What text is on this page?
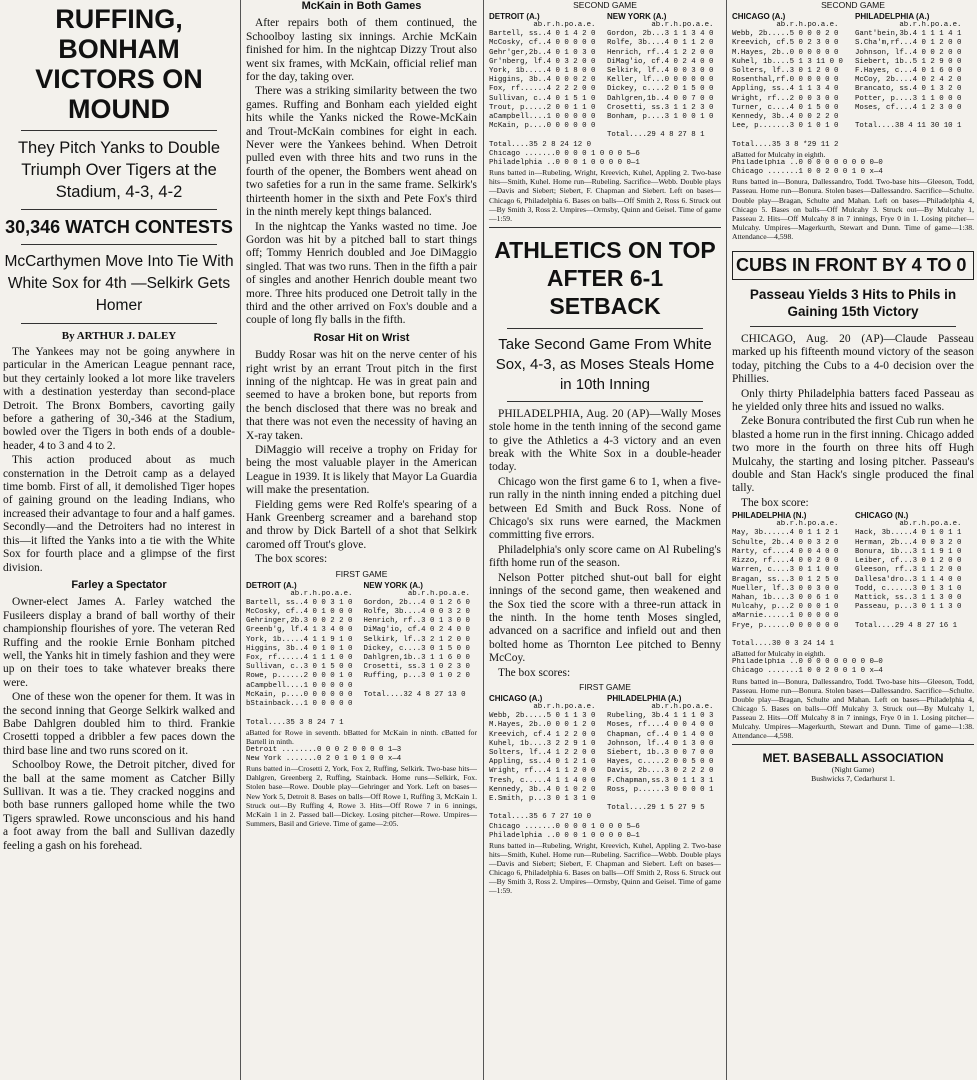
RUFFING, BONHAM VICTORS ON MOUND
They Pitch Yanks to Double Triumph Over Tigers at the Stadium, 4-3, 4-2
30,346 WATCH CONTESTS
McCarthymen Move Into Tie With White Sox for 4th —Selkirk Gets Homer
By ARTHUR J. DALEY

The Yankees may not be going anywhere in particular in the American League pennant race, but they certainly looked a lot more like travelers with a destination yesterday than second-place Detroit. The Bronx Bombers, cavorting gaily before a gathering of 30,-346 at the Stadium, bowled over the Tigers in both ends of a double-header, 4 to 3 and 4 to 2.

This action produced about as much consternation in the Detroit camp as a delayed time bomb. First of all, it demolished Tiger hopes of gaining ground on the leading Indians, who increased their advantage to four and a half games. Secondly—and the Detroiters had no interest in this—it lifted the Yanks into a tie with the White Sox for fourth place and a glimpse of the first division.

Farley a Spectator

Owner-elect James A. Farley watched the Fusileers display a brand of ball worthy of their championship flourishes of yore. The veteran Red Ruffing and the rookie Ernie Bonham pitched well, the Yanks hit in timely fashion and they were up on their toes to take whatever breaks there were.

One of these won the opener for them. It was in the second inning that George Selkirk walked and Babe Dahlgren doubled him to third. Frankie Crosetti topped a dribbler a few paces down the third base line and two runs scored on it.

Schoolboy Rowe, the Detroit pitcher, dived for the ball at the same moment as Catcher Billy Sullivan. It was a tie. They cracked noggins and both base runners galloped home while the two Tigers sprawled. Rowe unconscious and his hand a foot away from the ball and Sullivan dazedly feeling a gash on his forehead.

McKain in Both Games

After repairs both of them continued, the Schoolboy lasting six innings. Archie McKain finished for him. In the nightcap Dizzy Trout also went six frames, with McKain, official relief man for the day, taking over.

There was a striking similarity between the two games. Ruffing and Bonham each yielded eight hits while the Yanks nicked the Rowe-McKain and Trout-McKain combines for eight in each. Never were the Yankees behind. When Detroit pulled even with three hits and two runs in the fourth of the opener, the Bombers went ahead on two safeties for a run in the same frame. Selkirk's thirteenth homer in the sixth and Pete Fox's third in the ninth merely kept things balanced.

In the nightcap the Yanks wasted no time. Joe Gordon was hit by a pitched ball to start things off; Tommy Henrich doubled and Joe DiMaggio singled. That was two runs. Then in the fifth a pair of singles and another Henrich double meant two more. Three hits produced one Detroit tally in the third and the other arrived on Fox's double and a couple of long fly balls in the fifth.

Rosar Hit on Wrist

Buddy Rosar was hit on the nerve center of his right wrist by an errant Trout pitch in the first inning of the nightcap. He was in great pain and seemed to have a broken bone, but reports from the bench disclosed that there was no break and that there was not even the necessity of having an X-ray taken.

DiMaggio will receive a trophy on Friday for being the most valuable player in the American League in 1939. It is likely that Mayor La Guardia will make the presentation.

Fielding gems were Red Rolfe's spearing of a Hank Greenberg screamer and a barehand stop and throw by Dick Bartell of a shot that Selkirk caromed off Trout's glove.

The box scores:

FIRST GAME
DETROIT (A.)
ab.r.h.po.a.e.
Bartell, ss..4 0 0 3 1 0
McCosky, cf..4 0 1 0 0 0
Gehringer,2b.3 0 0 2 2 0
Greenb'g, lf.4 1 3 4 0 0
York, 1b.....4 1 1 9 1 0
Higgins, 3b..4 0 1 0 1 0
Fox, rf......4 1 1 1 0 0
Sullivan, c..3 0 1 5 0 0
Rowe, p......2 0 0 0 1 0
aCampbell....1 0 0 0 0 0
McKain, p....0 0 0 0 0 0
bStainback...1 0 0 0 0 0

Total....35 3 8 24 7 1
NEW YORK (A.)
ab.r.h.po.a.e.
Gordon, 2b...4 0 1 2 6 0
Rolfe, 3b....4 0 0 3 2 0
Henrich, rf..3 0 1 3 0 0
DiMag'io, cf.4 0 2 4 0 0
Selkirk, lf..3 2 1 2 0 0
Dickey, c....3 0 1 5 0 0
Dahlgren,1b..3 1 1 6 0 0
Crosetti, ss.3 1 0 2 3 0
Ruffing, p...3 0 1 0 2 0

Total....32 4 8 27 13 0
aBatted for Rowe in seventh. bBatted for McKain in ninth. cBatted for Bartell in ninth.
Detroit ........0 0 0 2 0 0 0 0 1—3
New York .......0 2 0 1 0 1 0 0 x—4
Runs batted in—Crosetti 2, York, Fox 2, Ruffing, Selkirk. Two-base hits—Dahlgren, Greenberg 2, Ruffing, Stainback. Home runs—Selkirk, Fox. Stolen base—Rowe. Double play—Gehringer and York. Left on bases—New York 5, Detroit 8. Bases on balls—Off Rowe 1, Ruffing 3, McKain 1. Struck out—By Ruffing 4, Rowe 3. Hits—Off Rowe 7 in 6 innings, McKain 1 in 2. Passed ball—Dickey. Losing pitcher—Rowe. Umpires—Summers, Basil and Grieve. Time of game—2:05.
SECOND GAME
DETROIT (A.)
ab.r.h.po.a.e.
Bartell, ss..4 0 1 4 2 0
McCosky, cf..4 0 0 0 0 0
Gehr'ger,2b..4 0 1 0 3 0
Gr'nberg, lf.4 0 3 2 0 0
York, 1b.....4 0 1 8 0 0
Higgins, 3b..4 0 0 0 2 0
Fox, rf......4 2 2 2 0 0
Sullivan, c..4 0 1 5 1 0
Trout, p.....2 0 0 1 1 0
aCampbell....1 0 0 0 0 0
McKain, p....0 0 0 0 0 0

Total....35 2 8 24 12 0
NEW YORK (A.)
ab.r.h.po.a.e.
Gordon, 2b...3 1 1 3 4 0
Rolfe, 3b....4 0 1 1 2 0
Henrich, rf..4 1 2 2 0 0
DiMag'io, cf.4 0 2 4 0 0
Selkirk, lf..4 0 0 3 0 0
Keller, lf...0 0 0 0 0 0
Dickey, c....2 0 1 5 0 0
Dahlgren,1b..4 0 0 7 0 0
Crosetti, ss.3 1 1 2 3 0
Bonham, p....3 1 0 0 1 0

Total....29 4 8 27 8 1
Chicago .......0 0 0 0 1 0 0 0 5—6
Philadelphia ..0 0 0 1 0 0 0 0 0—1
Runs batted in—Rubeling, Wright, Kreevich, Kuhel, Appling 2. Two-base hits—Smith, Kuhel. Home run—Rubeling. Sacrifice—Webb. Double plays—Davis and Siebert; Siebert, F. Chapman and Siebert. Left on bases—Chicago 6, Philadelphia 6. Bases on balls—Off Smith 2, Ross 6. Struck out—By Smith 3, Ross 2. Umpires—Ormsby, Quinn and Geisel. Time of game—1:59.
ATHLETICS ON TOP AFTER 6-1 SETBACK
Take Second Game From White Sox, 4-3, as Moses Steals Home in 10th Inning

PHILADELPHIA, Aug. 20 (AP)—Wally Moses stole home in the tenth inning of the second game to give the Athletics a 4-3 victory and an even break with the White Sox in a double-header today.

Chicago won the first game 6 to 1, when a five-run rally in the ninth inning ended a pitching duel between Ed Smith and Buck Ross. None of Chicago's six runs were earned, the Mackmen committing five errors.

Philadelphia's only score came on Al Rubeling's fifth home run of the season.

Nelson Potter pitched shut-out ball for eight innings of the second game, then weakened and the Sox tied the score with a three-run attack in the ninth. In the home tenth Moses singled, advanced on a sacrifice and infield out and then bolted home as Thornton Lee pitched to Benny McCoy.

The box scores:

FIRST GAME
CHICAGO (A.)
ab.r.h.po.a.e.
Webb, 2b.....5 0 1 1 3 0
M.Hayes, 2b..0 0 0 1 2 0
Kreevich, cf.4 1 2 2 0 0
Kuhel, 1b....3 2 2 9 1 0
Solters, lf..4 1 2 2 0 0
Appling, ss..4 0 1 2 1 0
Wright, rf...4 1 1 2 0 0
Tresh, c.....4 1 1 4 0 0
Kennedy, 3b..4 0 1 0 2 0
E.Smith, p...3 0 1 3 1 0

Total....35 6 7 27 10 0
PHILADELPHIA (A.)
ab.r.h.po.a.e.
Rubeling, 3b.4 1 1 1 0 3
Moses, rf....4 0 0 4 0 0
Chapman, cf..4 0 1 4 0 0
Johnson, lf..4 0 1 3 0 0
Siebert, 1b..3 0 0 7 0 0
Hayes, c.....2 0 0 5 0 0
Davis, 2b....3 0 2 2 2 0
F.Chapman,ss.3 0 1 1 3 1
Ross, p......3 0 0 0 0 1

Total....29 1 5 27 9 5
Chicago .......0 0 0 0 1 0 0 0 5—6
Philadelphia ..0 0 0 1 0 0 0 0 0—1
Runs batted in—Rubeling, Wright, Kreevich, Kuhel, Appling 2. Two-base hits—Smith, Kuhel. Home run—Rubeling. Sacrifice—Webb. Double plays—Davis and Siebert; Siebert, F. Chapman and Siebert. Left on bases—Chicago 6, Philadelphia 6. Bases on balls—Off Smith 2, Ross 6. Struck out—By Smith 3, Ross 2. Umpires—Ormsby, Quinn and Geisel. Time of game—1:59.
SECOND GAME
CHICAGO (A.)
ab.r.h.po.a.e.
Webb, 2b.....5 0 0 0 2 0
Kreevich, cf.5 0 2 3 0 0
M.Hayes, 2b..0 0 0 0 0 0
Kuhel, 1b....5 1 3 11 0 0
Solters, lf..3 0 1 2 0 0
Rosenthal,rf.0 0 0 0 0 0
Appling, ss..4 1 1 3 4 0
Wright, rf...2 0 0 3 0 0
Turner, c....4 0 1 5 0 0
Kennedy, 3b..4 0 0 2 2 0
Lee, p.......3 0 1 0 1 0

Total....35 3 8 *29 11 2
PHILADELPHIA (A.)
ab.r.h.po.a.e.
Gant'bein,3b.4 1 1 1 4 1
S.Cha'm,rf...4 0 1 2 0 0
Johnson, lf..4 0 0 2 0 0
Siebert, 1b..5 1 2 9 0 0
F.Hayes, c...4 0 1 6 0 0
McCoy, 2b....4 0 2 4 2 0
Brancato, ss.4 0 1 3 2 0
Potter, p....3 1 1 0 0 0
Moses, cf....4 1 2 3 0 0

Total....38 4 11 30 10 1
aBatted for Mulcahy in eighth.
Philadelphia ..0 0 0 0 0 0 0 0 0—0
Chicago .......1 0 0 2 0 0 1 0 x—4
Runs batted in—Bonura, Dallessandro, Todd. Two-base hits—Gleeson, Todd, Passeau. Home run—Bonura. Stolen bases—Dallessandro. Sacrifice—Schulte. Double play—Bragan, Schulte and Mahan. Left on bases—Philadelphia 4, Chicago 5. Bases on balls—Off Mulcahy 3. Struck out—By Mulcahy 1, Passeau 2. Hits—Off Mulcahy 8 in 7 innings, Frye 0 in 1. Losing pitcher—Mulcahy. Umpires—Magerkurth, Stewart and Dunn. Time of game—1:38. Attendance—4,598.
CUBS IN FRONT BY 4 TO 0
Passeau Yields 3 Hits to Phils in Gaining 15th Victory

CHICAGO, Aug. 20 (AP)—Claude Passeau marked up his fifteenth mound victory of the season today, pitching the Cubs to a 4-0 decision over the Phillies.

Only thirty Philadelphia batters faced Passeau as he yielded only three hits and issued no walks.

Zeke Bonura contributed the first Cub run when he blasted a home run in the first inning. Chicago added two more in the fourth on three hits off Hugh Mulcahy, the starting and losing pitcher. Passeau's double and Stan Hack's single produced the final tally.

The box score:

PHILADELPHIA (N.)
ab.r.h.po.a.e.
May, 3b......4 0 1 1 2 1
Schulte, 2b..4 0 0 3 2 0
Marty, cf....4 0 0 4 0 0
Rizzo, rf....4 0 0 2 0 0
Warren, c....3 0 1 1 0 0
Bragan, ss...3 0 1 2 5 0
Mueller, lf..3 0 0 3 0 0
Mahan, 1b....3 0 0 6 1 0
Mulcahy, p...2 0 0 0 1 0
aMarnie......1 0 0 0 0 0
Frye, p......0 0 0 0 0 0

Total....30 0 3 24 14 1
CHICAGO (N.)
ab.r.h.po.a.e.
Hack, 3b.....4 0 1 0 1 1
Herman, 2b...4 0 0 3 2 0
Bonura, 1b...3 1 1 9 1 0
Leiber, cf...3 0 1 2 0 0
Gleeson, rf..3 1 1 2 0 0
Dallesa'dro..3 1 1 4 0 0
Todd, c......3 0 1 3 1 0
Mattick, ss..3 1 1 3 0 0
Passeau, p...3 0 1 1 3 0

Total....29 4 8 27 16 1
aBatted for Mulcahy in eighth.
Philadelphia ..0 0 0 0 0 0 0 0 0—0
Chicago .......1 0 0 2 0 0 1 0 x—4
Runs batted in—Bonura, Dallessandro, Todd. Two-base hits—Gleeson, Todd, Passeau. Home run—Bonura. Stolen bases—Dallessandro. Sacrifice—Schulte. Double play—Bragan, Schulte and Mahan. Left on bases—Philadelphia 4, Chicago 5. Bases on balls—Off Mulcahy 3. Struck out—By Mulcahy 1, Passeau 2. Hits—Off Mulcahy 8 in 7 innings, Frye 0 in 1. Losing pitcher—Mulcahy. Umpires—Magerkurth, Stewart and Dunn. Time of game—1:38. Attendance—4,598.
MET. BASEBALL ASSOCIATION
(Night Game)
Bushwicks 7, Cedarhurst 1.
